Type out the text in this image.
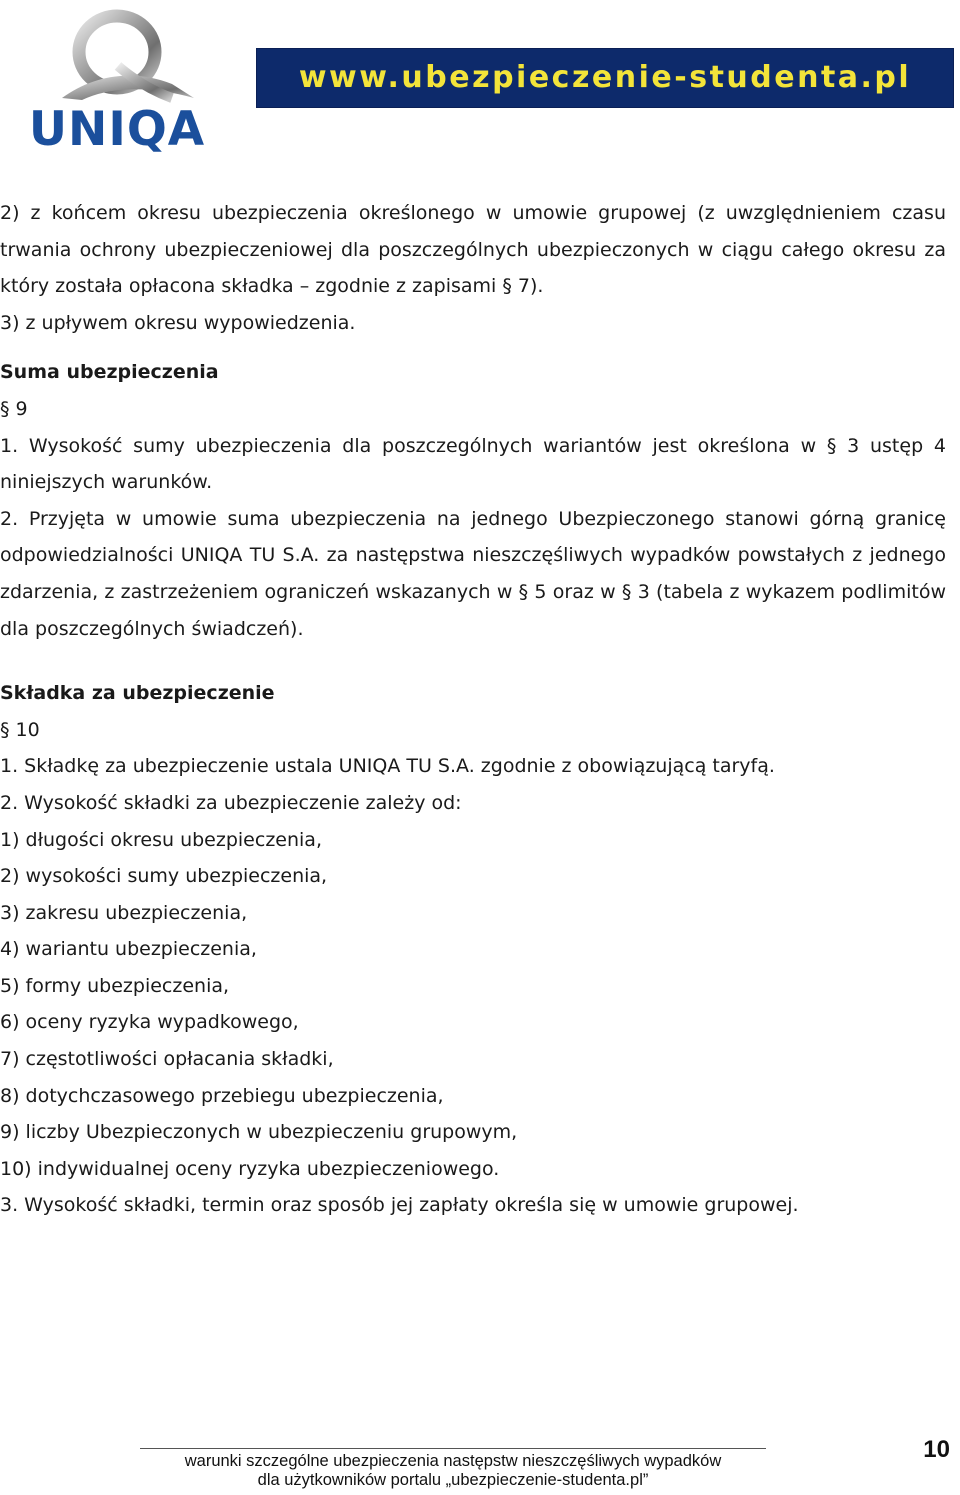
UNIQA
www.ubezpieczenie-studenta.pl

2) z końcem okresu ubezpieczenia określonego w umowie grupowej (z uwzględnieniem czasu trwania ochrony ubezpieczeniowej dla poszczególnych ubezpieczonych w ciągu całego okresu za który została opłacona składka – zgodnie z zapisami § 7).

3) z upływem okresu wypowiedzenia.

Suma ubezpieczenia

§ 9

1. Wysokość sumy ubezpieczenia dla poszczególnych wariantów jest określona w § 3 ustęp 4 niniejszych warunków.

2. Przyjęta w umowie suma ubezpieczenia na jednego Ubezpieczonego stanowi górną granicę odpowiedzialności UNIQA TU S.A. za następstwa nieszczęśliwych wypadków powstałych z jednego zdarzenia, z zastrzeżeniem ograniczeń wskazanych w § 5 oraz w § 3 (tabela z wykazem podlimitów dla poszczególnych świadczeń).

Składka za ubezpieczenie

§ 10

1. Składkę za ubezpieczenie ustala UNIQA TU S.A. zgodnie z obowiązującą taryfą.

2. Wysokość składki za ubezpieczenie zależy od:

1) długości okresu ubezpieczenia,

2) wysokości sumy ubezpieczenia,

3) zakresu ubezpieczenia,

4) wariantu ubezpieczenia,

5) formy ubezpieczenia,

6) oceny ryzyka wypadkowego,

7) częstotliwości opłacania składki,

8) dotychczasowego przebiegu ubezpieczenia,

9) liczby Ubezpieczonych w ubezpieczeniu grupowym,

10) indywidualnej oceny ryzyka ubezpieczeniowego.

3. Wysokość składki, termin oraz sposób jej zapłaty określa się w umowie grupowej.

warunki szczególne ubezpieczenia następstw nieszczęśliwych wypadków
dla użytkowników portalu „ubezpieczenie-studenta.pl”
10
